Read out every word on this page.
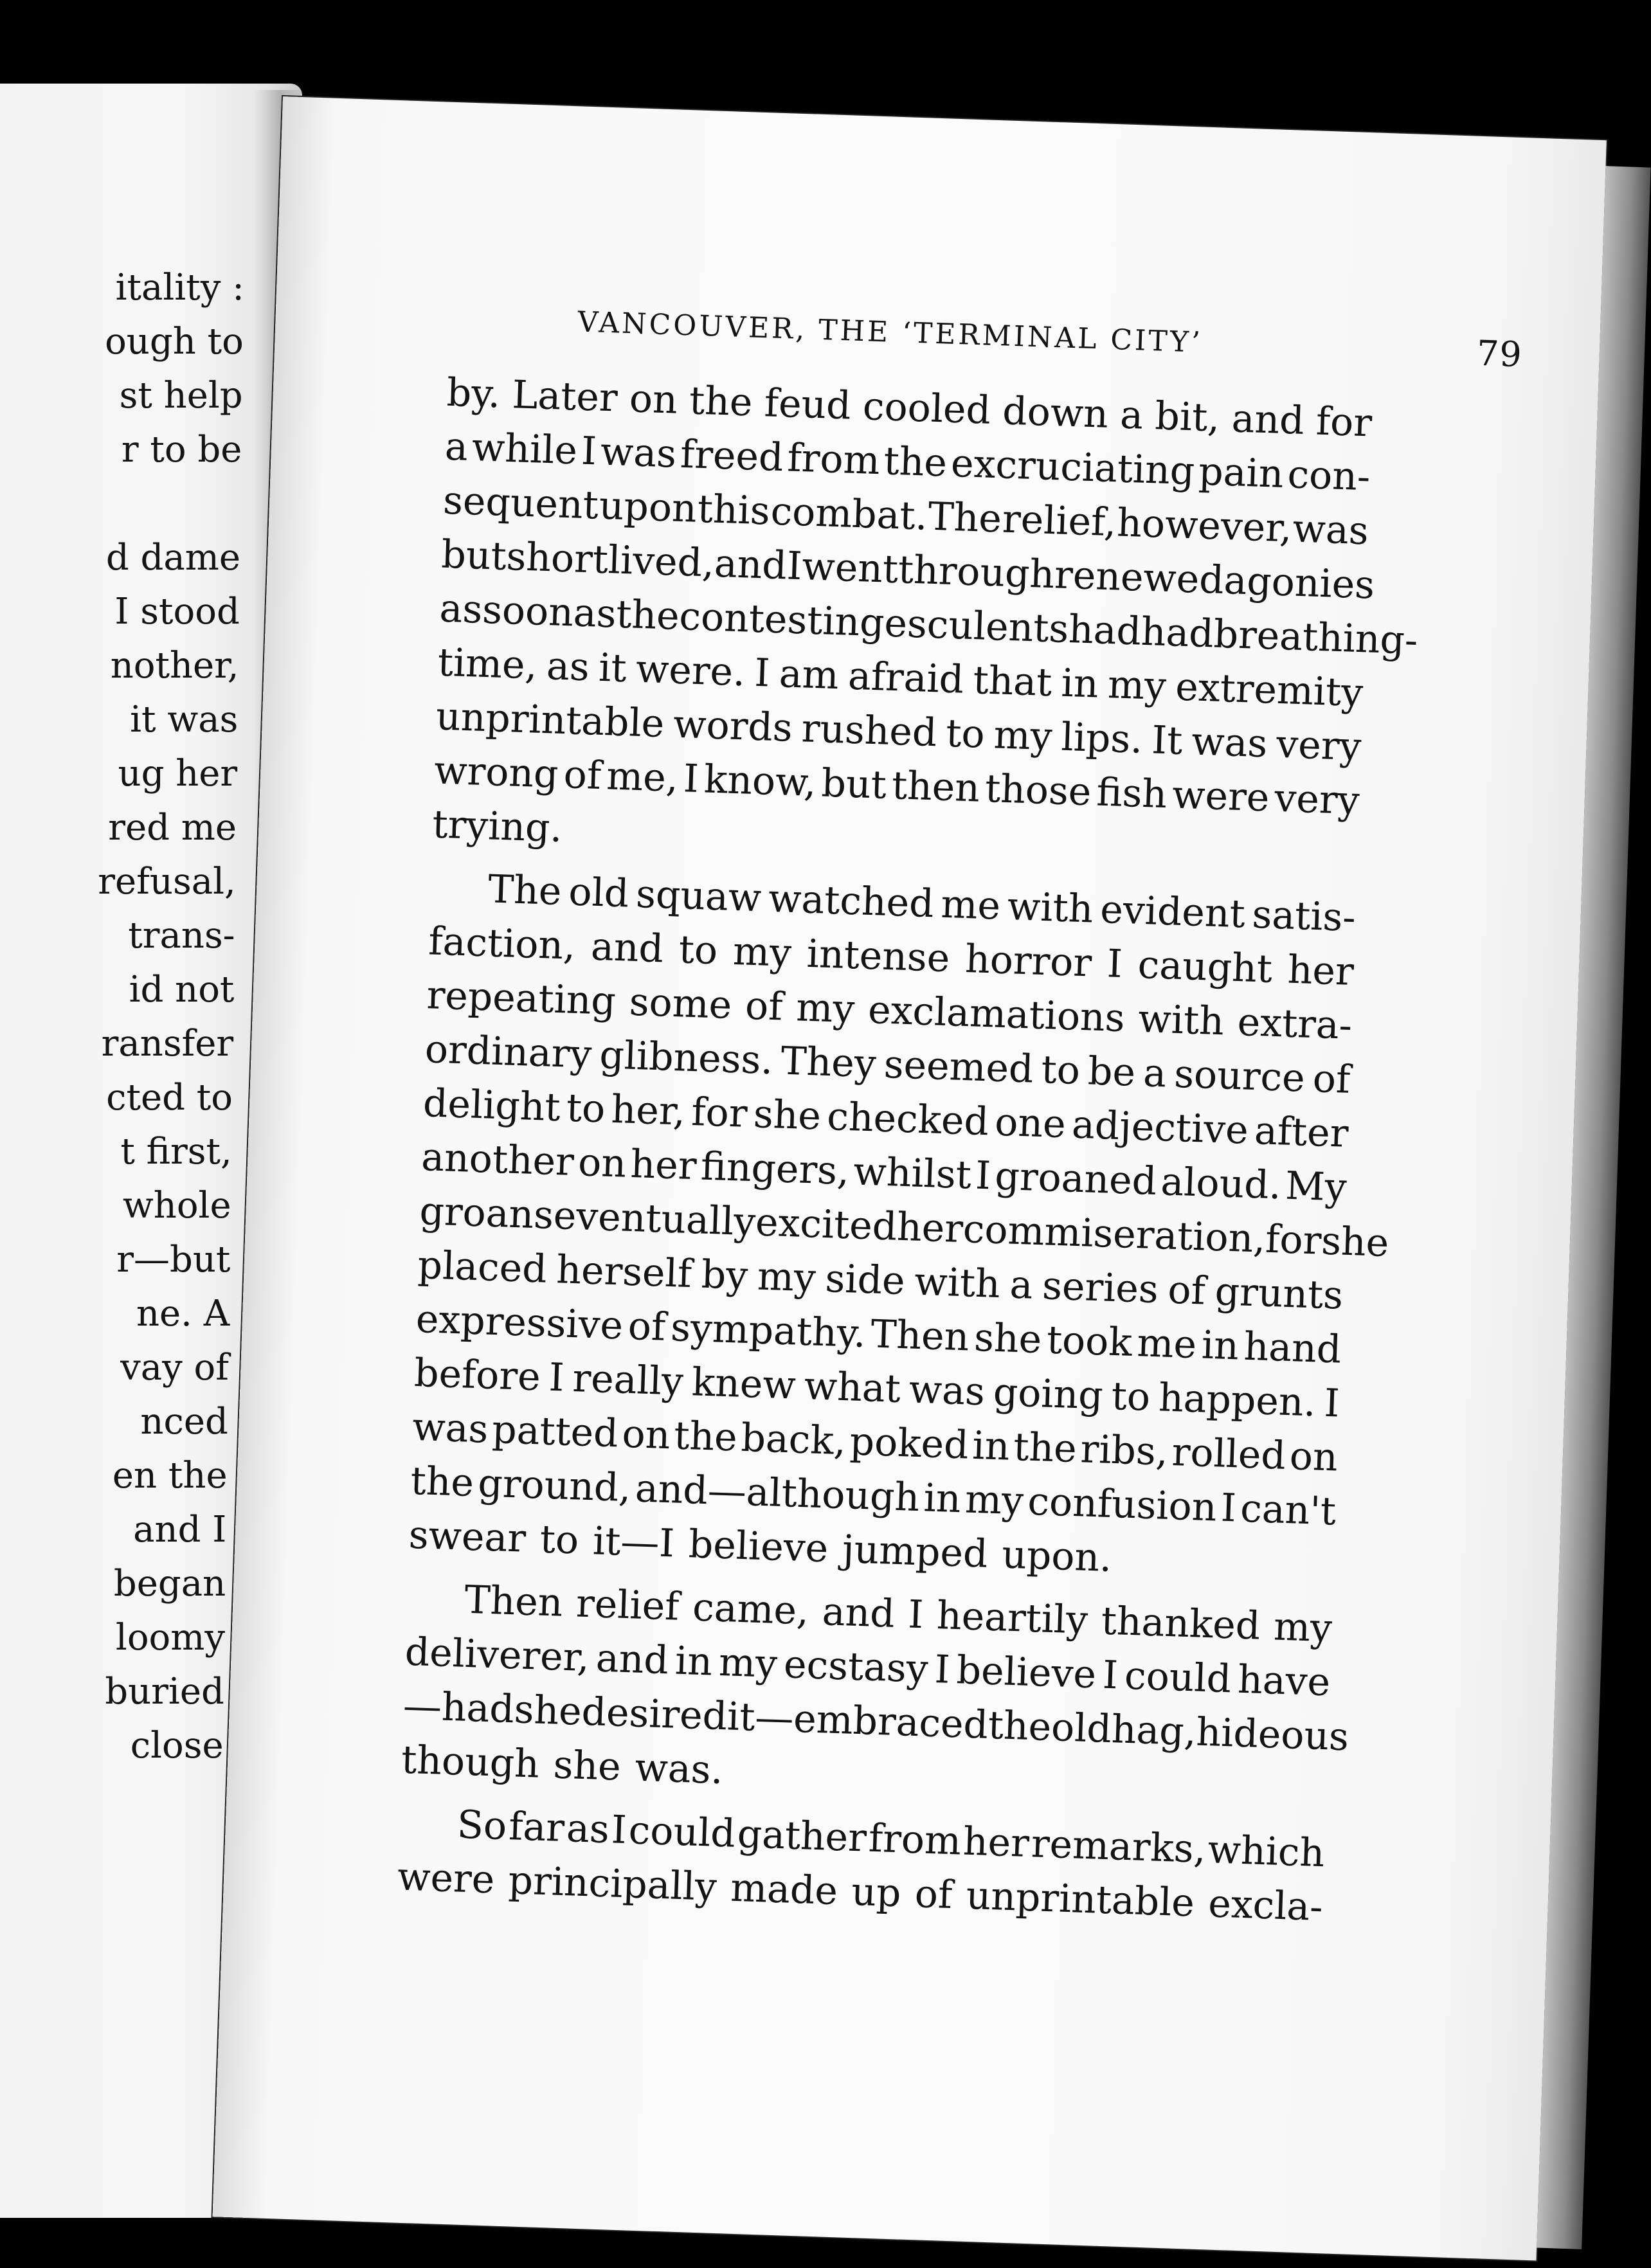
itality :
ough to
st help
r to be
d dame
I stood
nother,
it was
ug her
red me
refusal,
trans-
id not
ransfer
cted to
t first,
whole
r—but
ne. A
vay of
nced
en the
and I
began
loomy
buried
close
VANCOUVER, THE ‘TERMINAL CITY’	79
by. Later on the feud cooled down a bit, and for
a while I was freed from the excruciating pain con-
sequent
upon
this
combat.
The
relief,
however,
was
but
shortlived,
and
I
went
through
renewed
agonies
as
soon
as
the
contesting
esculents
had
had
breathing-
time, as it were. I am afraid that in my extremity
unprintable words rushed to my lips. It was very
wrong of me, I know, but then those fish were very
trying.
The old squaw watched me with evident satis-
faction, and to my intense horror I caught her
repeating some of my exclamations with extra-
ordinary glibness. They seemed to be a source of
delight to her, for she checked one adjective after
another on her fingers, whilst I groaned aloud. My
groans
eventually
excited
her
commiseration,
for
she
placed herself by my side with a series of grunts
expressive of sympathy. Then she took me in hand
before I really knew what was going to happen. I
was patted on the back, poked in the ribs, rolled on
the ground, and—although in my confusion I can't
swear to it—I believe jumped upon.
Then relief came, and I heartily thanked my
deliverer, and in my ecstasy I believe I could have
—had
she
desired
it—embraced
the
old
hag,
hideous
though she was.
So far as I could gather from her remarks, which
were principally made up of unprintable excla-
